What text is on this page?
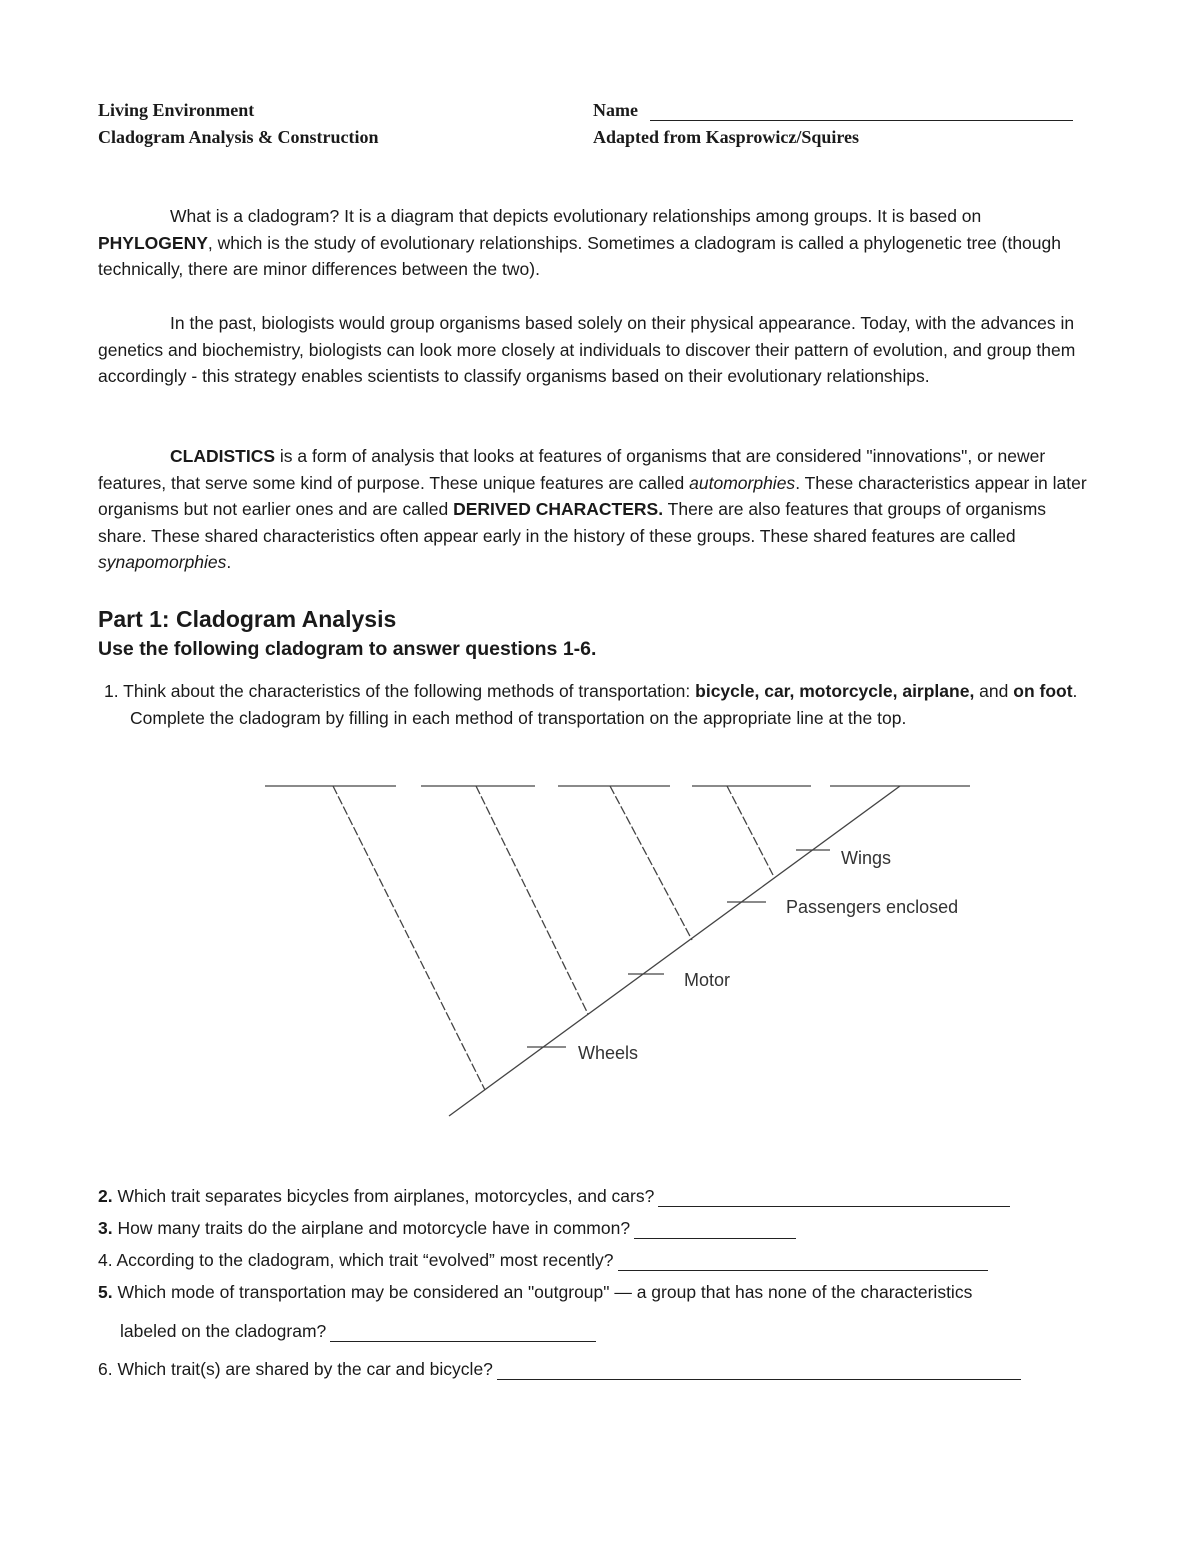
Living Environment	Name
Cladogram Analysis & Construction	Adapted from Kasprowicz/Squires

What is a cladogram? It is a diagram that depicts evolutionary relationships among groups. It is based on PHYLOGENY, which is the study of evolutionary relationships. Sometimes a cladogram is called a phylogenetic tree (though technically, there are minor differences between the two).

In the past, biologists would group organisms based solely on their physical appearance. Today, with the advances in genetics and biochemistry, biologists can look more closely at individuals to discover their pattern of evolution, and group them accordingly - this strategy enables scientists to classify organisms based on their evolutionary relationships.

CLADISTICS is a form of analysis that looks at features of organisms that are considered "innovations", or newer features, that serve some kind of purpose. These unique features are called automorphies. These characteristics appear in later organisms but not earlier ones and are called DERIVED CHARACTERS. There are also features that groups of organisms share. These shared characteristics often appear early in the history of these groups. These shared features are called synapomorphies.

Part 1: Cladogram Analysis
Use the following cladogram to answer questions 1-6.
1. Think about the characteristics of the following methods of transportation: bicycle, car, motorcycle, airplane, and on foot. Complete the cladogram by filling in each method of transportation on the appropriate line at the top.
Wings
Passengers enclosed
Motor
Wheels
2. Which trait separates bicycles from airplanes, motorcycles, and cars?
3. How many traits do the airplane and motorcycle have in common?
4. According to the cladogram, which trait “evolved” most recently?
5. Which mode of transportation may be considered an "outgroup" — a group that has none of the characteristics
labeled on the cladogram?
6. Which trait(s) are shared by the car and bicycle?
